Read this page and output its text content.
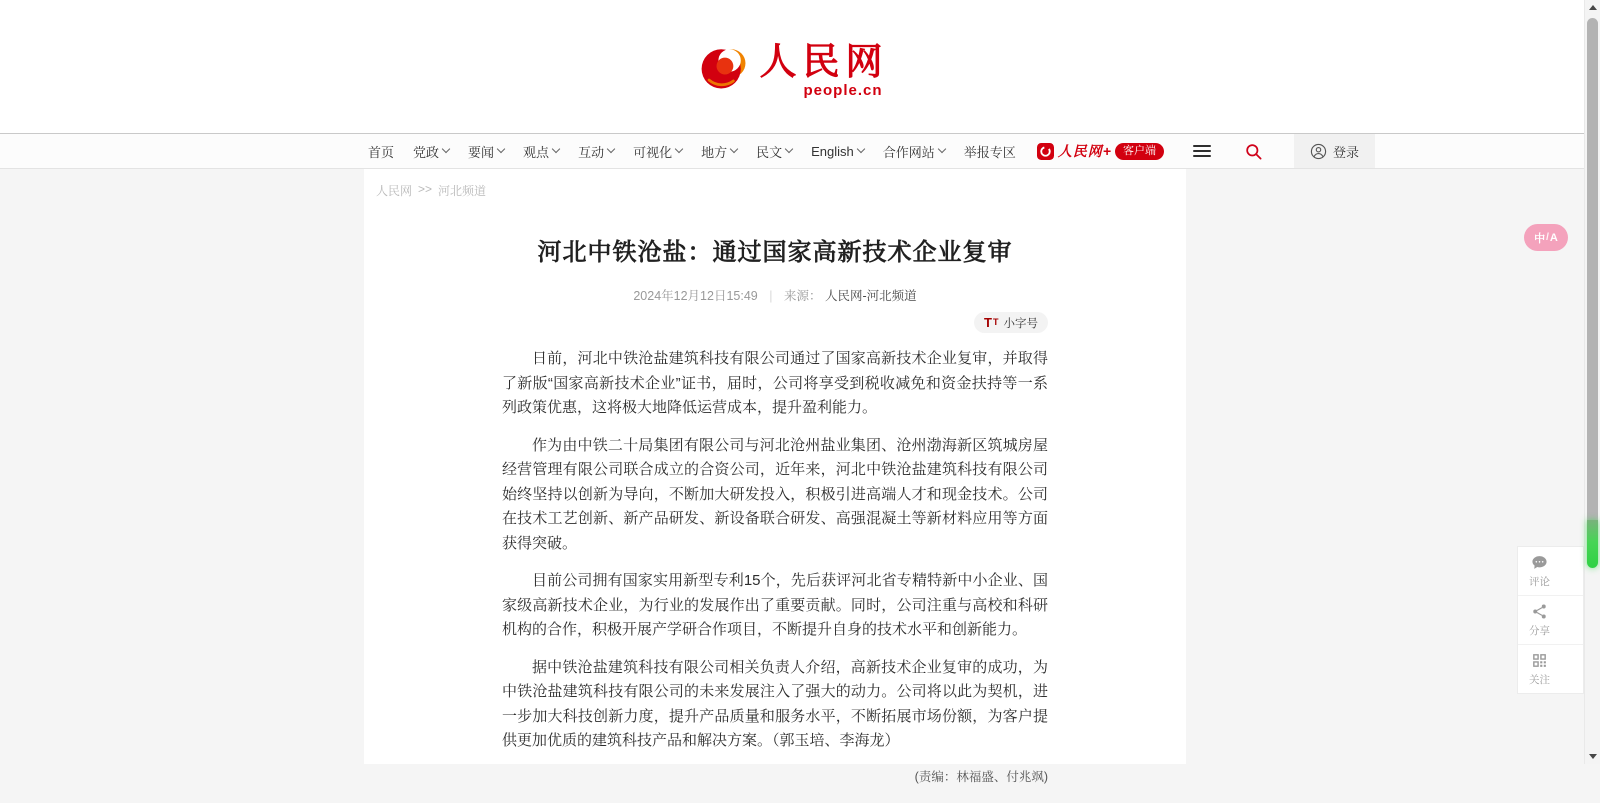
人民网
people.cn
首页 党政 要闻 观点 互动 可视化 地方 民文 English 合作网站 举报专区	人民网+	客户端	登录
人民网 >> 河北频道
河北中铁沧盐：通过国家高新技术企业复审
2024年12月12日15:49 | 来源： 人民网-河北频道
T T 小字号

日前，河北中铁沧盐建筑科技有限公司通过了国家高新技术企业复审，并取得了新版“国家高新技术企业”证书，届时，公司将享受到税收减免和资金扶持等一系列政策优惠，这将极大地降低运营成本，提升盈利能力。

作为由中铁二十局集团有限公司与河北沧州盐业集团、沧州渤海新区筑城房屋经营管理有限公司联合成立的合资公司，近年来，河北中铁沧盐建筑科技有限公司始终坚持以创新为导向，不断加大研发投入，积极引进高端人才和现金技术。公司在技术工艺创新、新产品研发、新设备联合研发、高强混凝土等新材料应用等方面获得突破。

目前公司拥有国家实用新型专利15个，先后获评河北省专精特新中小企业、国家级高新技术企业，为行业的发展作出了重要贡献。同时，公司注重与高校和科研机构的合作，积极开展产学研合作项目，不断提升自身的技术水平和创新能力。

据中铁沧盐建筑科技有限公司相关负责人介绍，高新技术企业复审的成功，为中铁沧盐建筑科技有限公司的未来发展注入了强大的动力。公司将以此为契机，进一步加大科技创新力度，提升产品质量和服务水平，不断拓展市场份额，为客户提供更加优质的建筑科技产品和解决方案。（郭玉培、李海龙）

(责编：林福盛、付兆飒)
中 / A
评论
分享
关注
